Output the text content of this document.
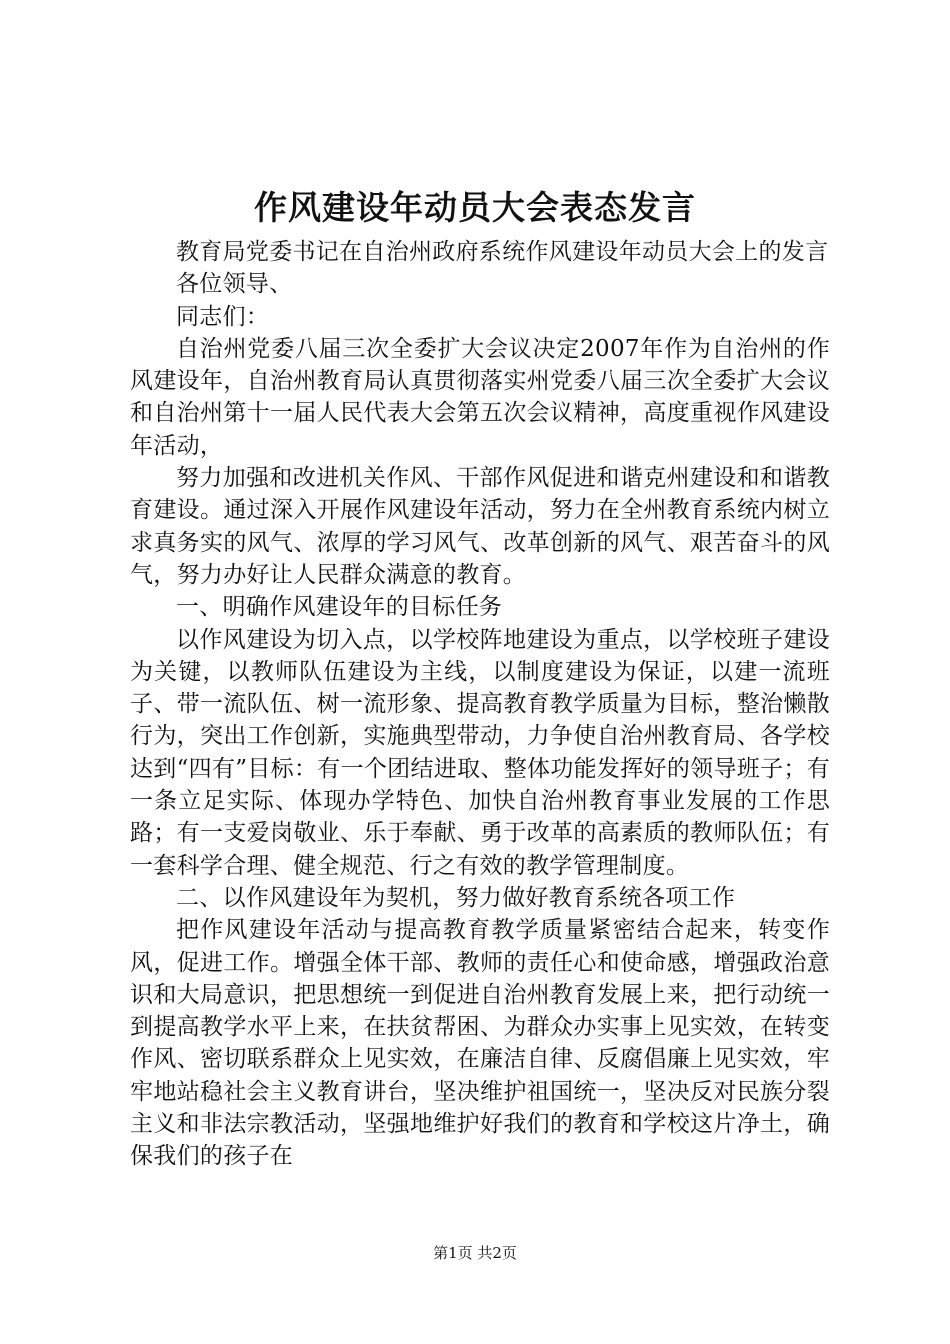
作风建设年动员大会表态发言

教育局党委书记在自治州政府系统作风建设年动员大会上的发言

各位领导、

同志们：

自治州党委八届三次全委扩大会议决定2007年作为自治州的作风建设年，自治州教育局认真贯彻落实州党委八届三次全委扩大会议和自治州第十一届人民代表大会第五次会议精神，高度重视作风建设年活动，

努力加强和改进机关作风、干部作风促进和谐克州建设和和谐教育建设。通过深入开展作风建设年活动，努力在全州教育系统内树立求真务实的风气、浓厚的学习风气、改革创新的风气、艰苦奋斗的风气，努力办好让人民群众满意的教育。

一、明确作风建设年的目标任务

以作风建设为切入点，以学校阵地建设为重点，以学校班子建设为关键，以教师队伍建设为主线，以制度建设为保证，以建一流班子、带一流队伍、树一流形象、提高教育教学质量为目标，整治懒散行为，突出工作创新，实施典型带动，力争使自治州教育局、各学校达到“四有”目标：有一个团结进取、整体功能发挥好的领导班子；有一条立足实际、体现办学特色、加快自治州教育事业发展的工作思路；有一支爱岗敬业、乐于奉献、勇于改革的高素质的教师队伍；有一套科学合理、健全规范、行之有效的教学管理制度。

二、以作风建设年为契机，努力做好教育系统各项工作

把作风建设年活动与提高教育教学质量紧密结合起来，转变作风，促进工作。增强全体干部、教师的责任心和使命感，增强政治意识和大局意识，把思想统一到促进自治州教育发展上来，把行动统一到提高教学水平上来，在扶贫帮困、为群众办实事上见实效，在转变作风、密切联系群众上见实效，在廉洁自律、反腐倡廉上见实效，牢牢地站稳社会主义教育讲台，坚决维护祖国统一，坚决反对民族分裂主义和非法宗教活动，坚强地维护好我们的教育和学校这片净土，确保我们的孩子在

第1页 共2页
